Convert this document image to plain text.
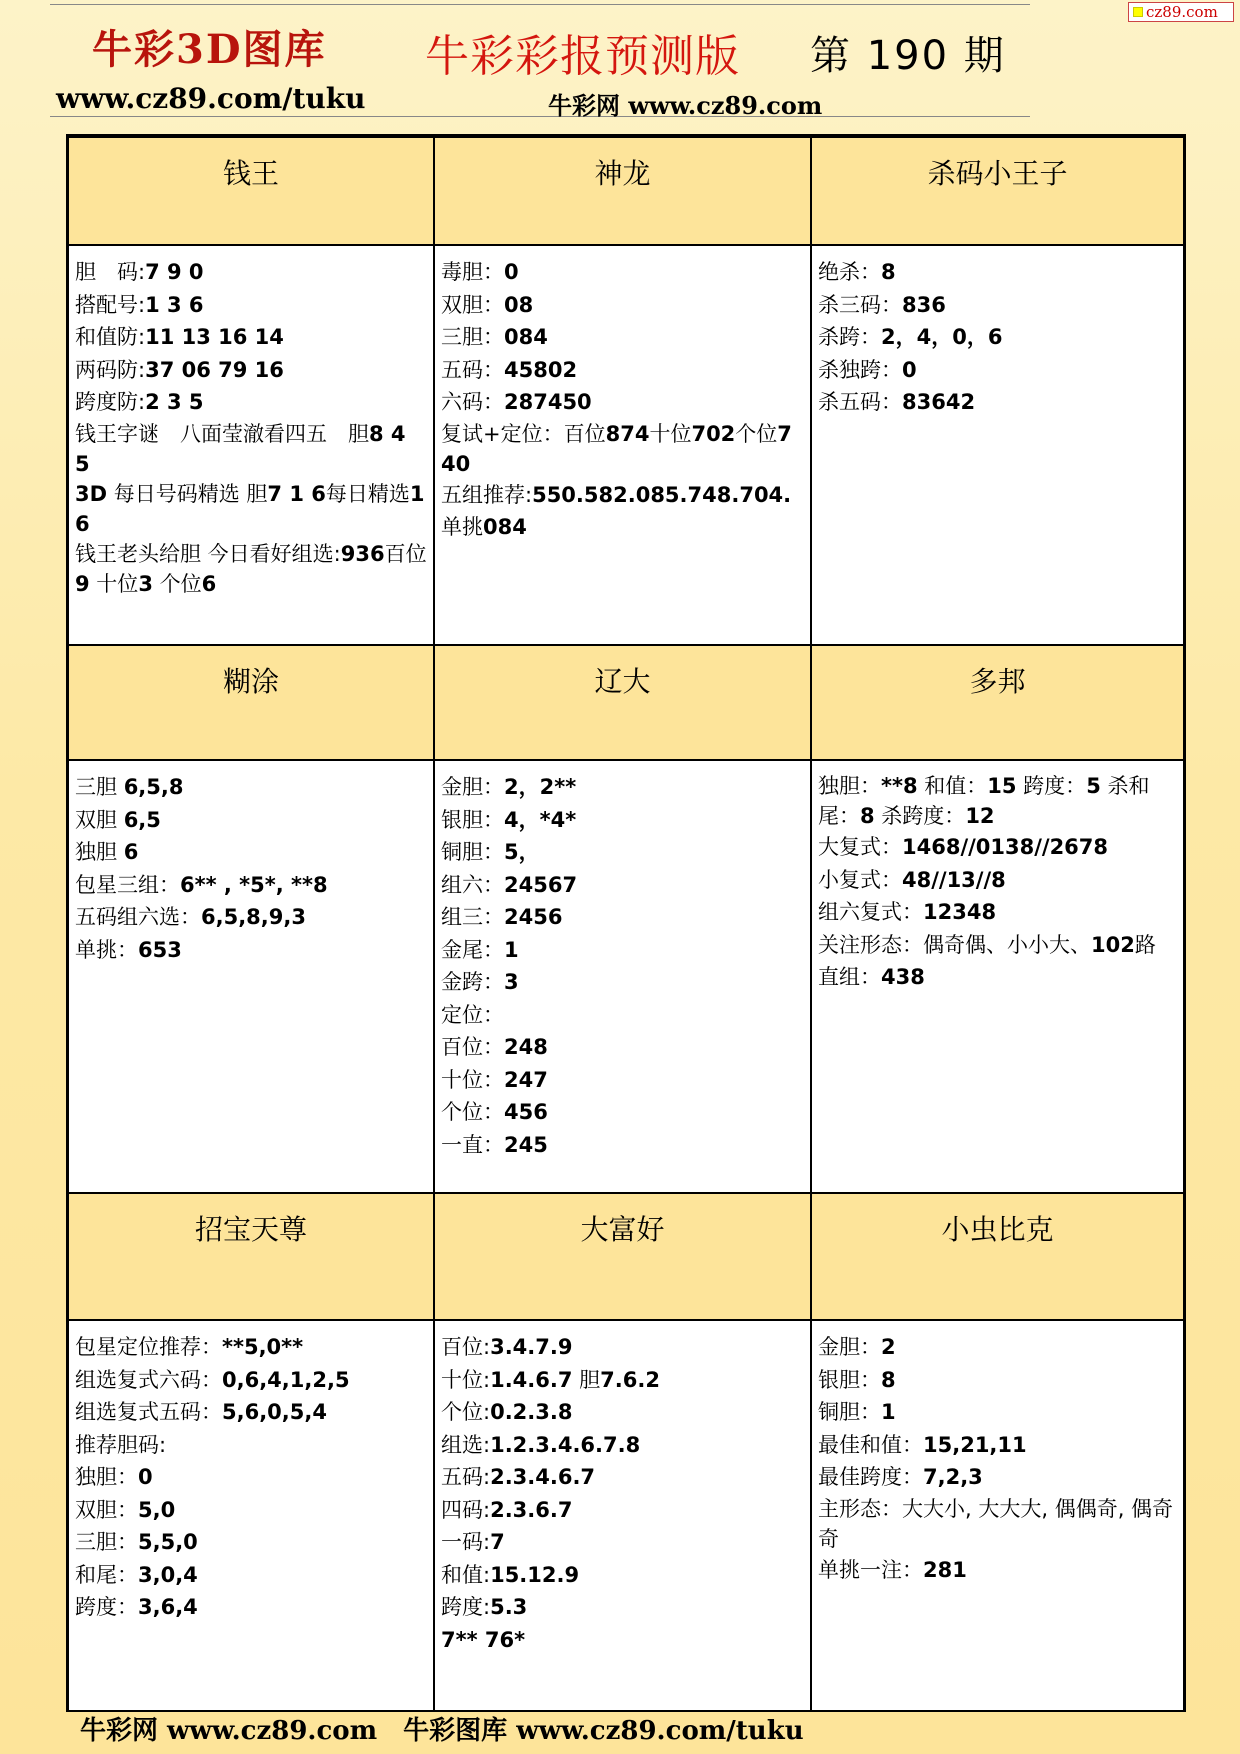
cz89.com
牛彩3D图库
www.cz89.com/tuku
牛彩彩报预测版 第 190 期
牛彩网 www.cz89.com
钱王	神龙	杀码小王子
胆　码:7 9 0
搭配号:1 3 6
和值防:11 13 16 14
两码防:37 06 79 16
跨度防:2 3 5
钱王字谜　八面莹澈看四五　胆8 4 5
3D 每日号码精选 胆7 1 6每日精选1 6
钱王老头给胆 今日看好组选:936百位9 十位3 个位6
毒胆：0
双胆：08
三胆：084
五码：45802
六码：287450
复试+定位：百位874十位702个位740
五组推荐:550.582.085.748.704.
单挑084
绝杀：8
杀三码：836
杀跨：2，4，0，6
杀独跨：0
杀五码：83642
糊涂	辽大	多邦
三胆 6,5,8
双胆 6,5
独胆 6
包星三组：6** , *5*, **8
五码组六选：6,5,8,9,3
单挑：653
金胆：2，2**
银胆：4，*4*
铜胆：5，
组六：24567
组三：2456
金尾：1
金跨：3
定位：
百位：248
十位：247
个位：456
一直：245
独胆：**8 和值：15 跨度：5 杀和尾：8 杀跨度：12
大复式：1468//0138//2678
小复式：48//13//8
组六复式：12348
关注形态：偶奇偶、小小大、102路
直组：438
招宝天尊	大富好	小虫比克
包星定位推荐：**5,0**
组选复式六码：0,6,4,1,2,5
组选复式五码：5,6,0,5,4
推荐胆码:
独胆：0
双胆：5,0
三胆：5,5,0
和尾：3,0,4
跨度：3,6,4
百位:3.4.7.9
十位:1.4.6.7 胆7.6.2
个位:0.2.3.8
组选:1.2.3.4.6.7.8
五码:2.3.4.6.7
四码:2.3.6.7
一码:7
和值:15.12.9
跨度:5.3
7** 76*
金胆：2
银胆：8
铜胆：1
最佳和值：15,21,11
最佳跨度：7,2,3
主形态：大大小, 大大大, 偶偶奇, 偶奇奇
单挑一注：281
牛彩网 www.cz89.com　牛彩图库 www.cz89.com/tuku
